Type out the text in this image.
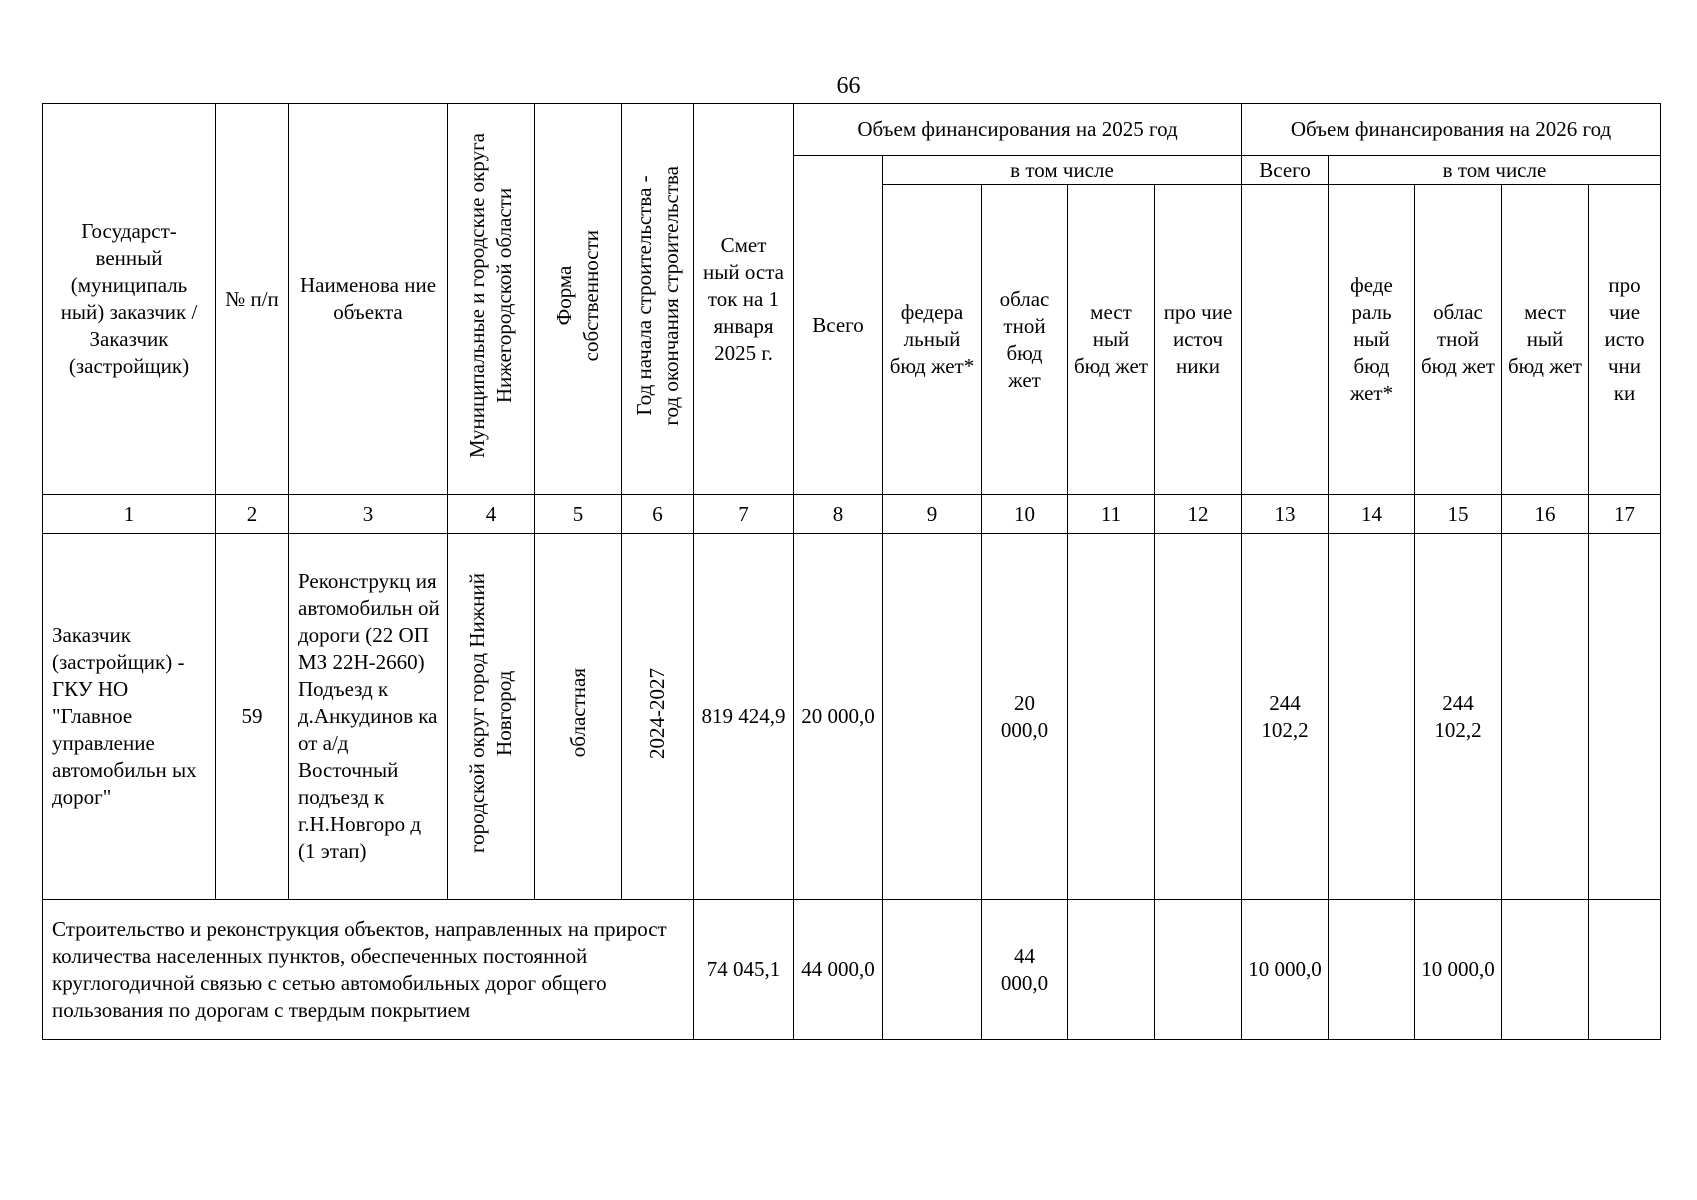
66
Государст-венный (муниципаль ный) заказчик / Заказчик (застройщик)	№ п/п	Наименова ние объекта	Муниципальные и городские округа Нижегородской области	Форма собственности	Год начала строительства - год окончания строительства	Смет ный оста ток на 1 января 2025 г.	Объем финансирования на 2025 год					Объем финансирования на 2026 год				
							Всего	в том числе				Всего	в том числе			
								федера льный бюд жет*	облас тной бюд жет	мест ный бюд жет	про чие источ ники		феде раль ный бюд жет*	облас тной бюд жет	мест ный бюд жет	про чие исто чни ки
1	2	3	4	5	6	7	8	9	10	11	12	13	14	15	16	17
Заказчик (застройщик) - ГКУ НО "Главное управление автомобильн ых дорог"	59	Реконструкц ия автомобильн ой дороги (22 ОП МЗ 22Н-2660) Подъезд к д.Анкудинов ка от а/д Восточный подъезд к г.Н.Новгоро д (1 этап)	городской округ город Нижний Новгород	областная	2024-2027	819 424,9	20 000,0		20 000,0			244 102,2		244 102,2		
Строительство и реконструкция объектов, направленных на прирост количества населенных пунктов, обеспеченных постоянной круглогодичной связью с сетью автомобильных дорог общего пользования по дорогам с твердым покрытием						74 045,1	44 000,0		44 000,0			10 000,0		10 000,0		
